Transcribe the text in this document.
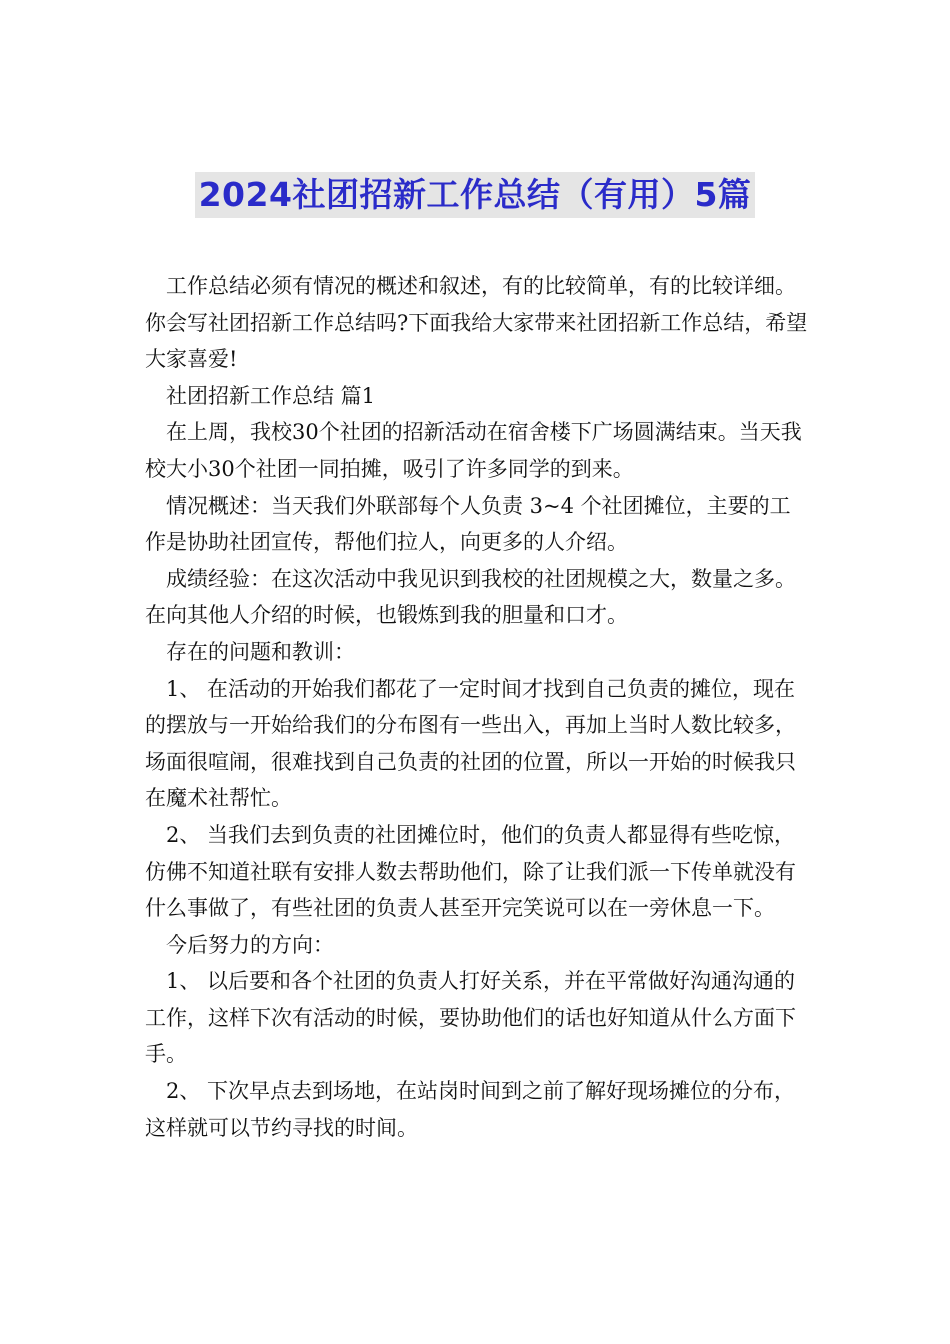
2024社团招新工作总结（有用）5篇

工作总结必须有情况的概述和叙述，有的比较简单，有的比较详细。你会写社团招新工作总结吗?下面我给大家带来社团招新工作总结，希望大家喜爱!

社团招新工作总结 篇1

在上周，我校30个社团的招新活动在宿舍楼下广场圆满结束。当天我校大小30个社团一同拍摊，吸引了许多同学的到来。

情况概述：当天我们外联部每个人负责 3~4 个社团摊位，主要的工作是协助社团宣传，帮他们拉人，向更多的人介绍。

成绩经验：在这次活动中我见识到我校的社团规模之大，数量之多。在向其他人介绍的时候，也锻炼到我的胆量和口才。

存在的问题和教训：

1、 在活动的开始我们都花了一定时间才找到自己负责的摊位，现在的摆放与一开始给我们的分布图有一些出入，再加上当时人数比较多，场面很喧闹，很难找到自己负责的社团的位置，所以一开始的时候我只在魔术社帮忙。

2、 当我们去到负责的社团摊位时，他们的负责人都显得有些吃惊，仿佛不知道社联有安排人数去帮助他们，除了让我们派一下传单就没有什么事做了，有些社团的负责人甚至开完笑说可以在一旁休息一下。

今后努力的方向：

1、 以后要和各个社团的负责人打好关系，并在平常做好沟通沟通的工作，这样下次有活动的时候，要协助他们的话也好知道从什么方面下手。

2、 下次早点去到场地，在站岗时间到之前了解好现场摊位的分布，这样就可以节约寻找的时间。
